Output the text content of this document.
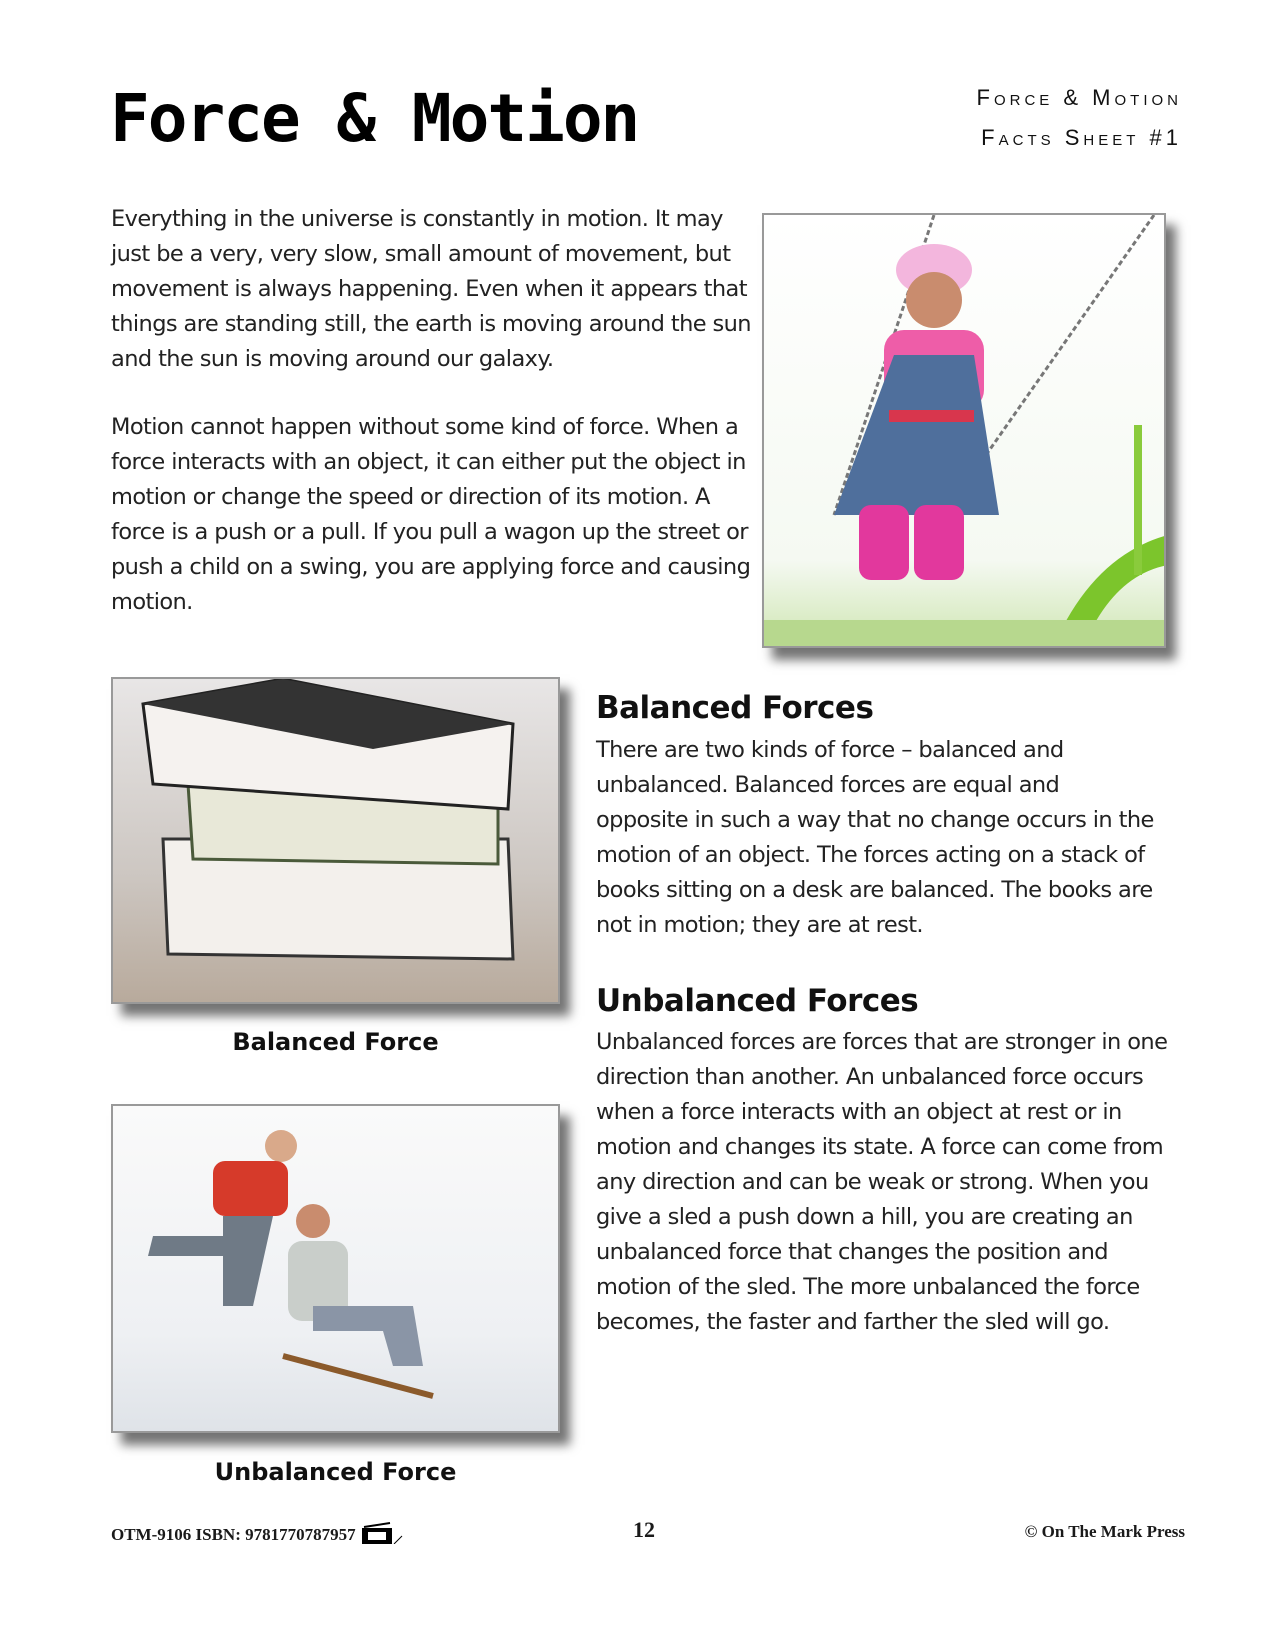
Force & Motion	Force & Motion
Facts Sheet #1

Everything in the universe is constantly in motion. It may just be a very, very slow, small amount of movement, but movement is always happening. Even when it appears that things are standing still, the earth is moving around the sun and the sun is moving around our galaxy.

Motion cannot happen without some kind of force. When a force interacts with an object, it can either put the object in motion or change the speed or direction of its motion. A force is a push or a pull. If you pull a wagon up the street or push a child on a swing, you are applying force and causing motion.

Balanced Force
Unbalanced Force
Balanced Forces

There are two kinds of force – balanced and unbalanced. Balanced forces are equal and opposite in such a way that no change occurs in the motion of an object. The forces acting on a stack of books sitting on a desk are balanced. The books are not in motion; they are at rest.

Unbalanced Forces

Unbalanced forces are forces that are stronger in one direction than another. An unbalanced force occurs when a force interacts with an object at rest or in motion and changes its state. A force can come from any direction and can be weak or strong. When you give a sled a push down a hill, you are creating an unbalanced force that changes the position and motion of the sled. The more unbalanced the force becomes, the faster and farther the sled will go.

OTM-9106 ISBN: 9781770787957	12	© On The Mark Press
